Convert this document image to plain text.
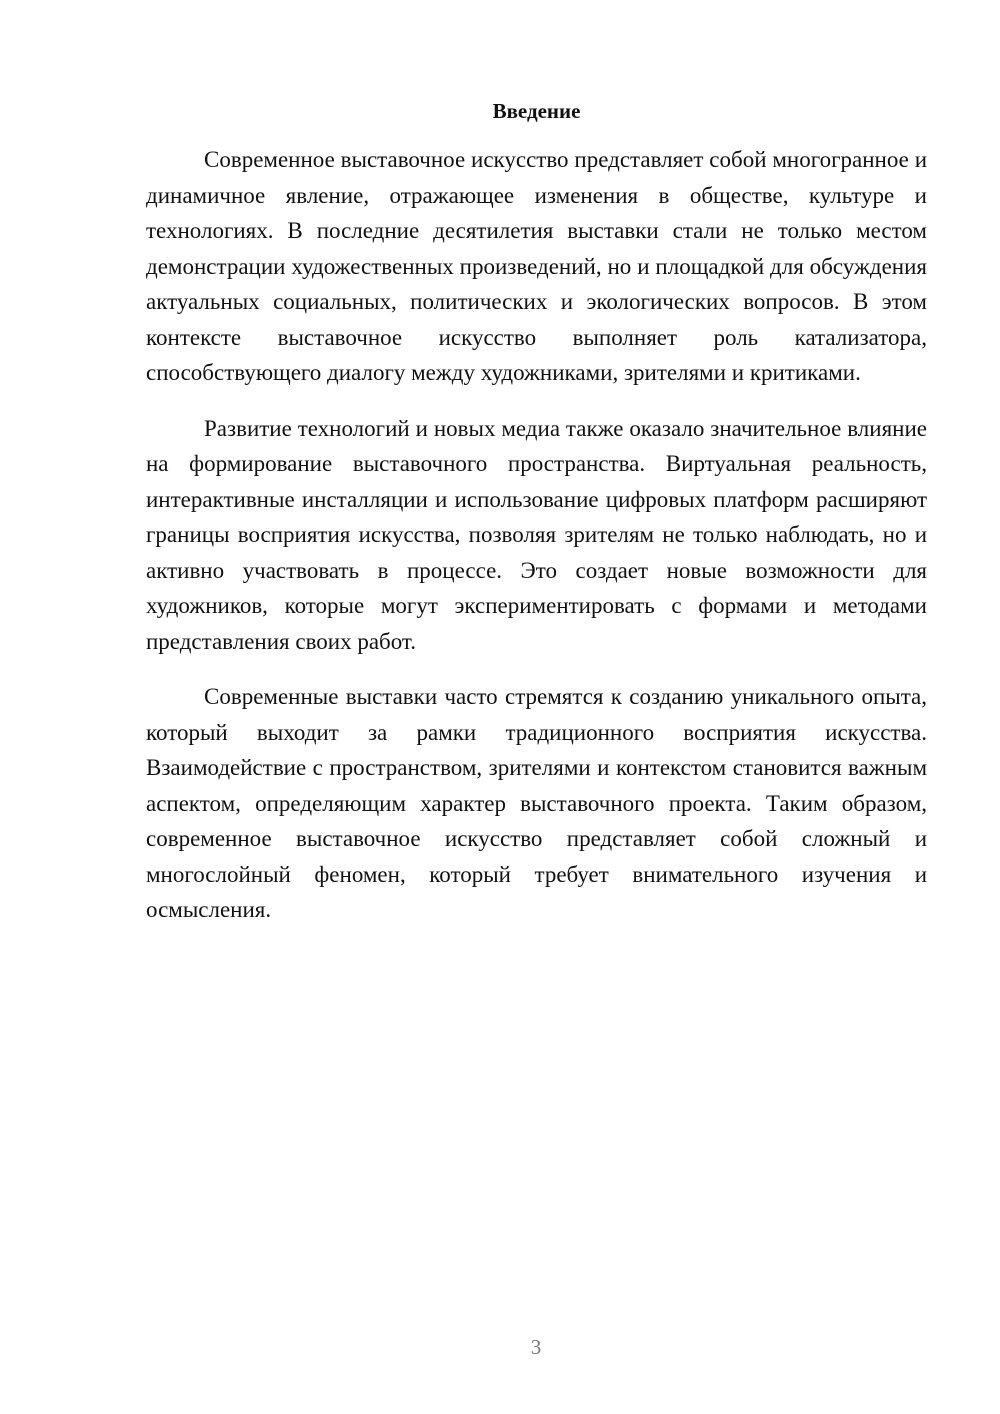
Введение

Современное выставочное искусство представляет собой многогранное и динамичное явление, отражающее изменения в обществе, культуре и технологиях. В последние десятилетия выставки стали не только местом демонстрации художественных произведений, но и площадкой для обсуждения актуальных социальных, политических и экологических вопросов. В этом контексте выставочное искусство выполняет роль катализатора, способствующего диалогу между художниками, зрителями и критиками.

Развитие технологий и новых медиа также оказало значительное влияние на формирование выставочного пространства. Виртуальная реальность, интерактивные инсталляции и использование цифровых платформ расширяют границы восприятия искусства, позволяя зрителям не только наблюдать, но и активно участвовать в процессе. Это создает новые возможности для художников, которые могут экспериментировать с формами и методами представления своих работ.

Современные выставки часто стремятся к созданию уникального опыта, который выходит за рамки традиционного восприятия искусства. Взаимодействие с пространством, зрителями и контекстом становится важным аспектом, определяющим характер выставочного проекта. Таким образом, современное выставочное искусство представляет собой сложный и многослойный феномен, который требует внимательного изучения и осмысления.

3
